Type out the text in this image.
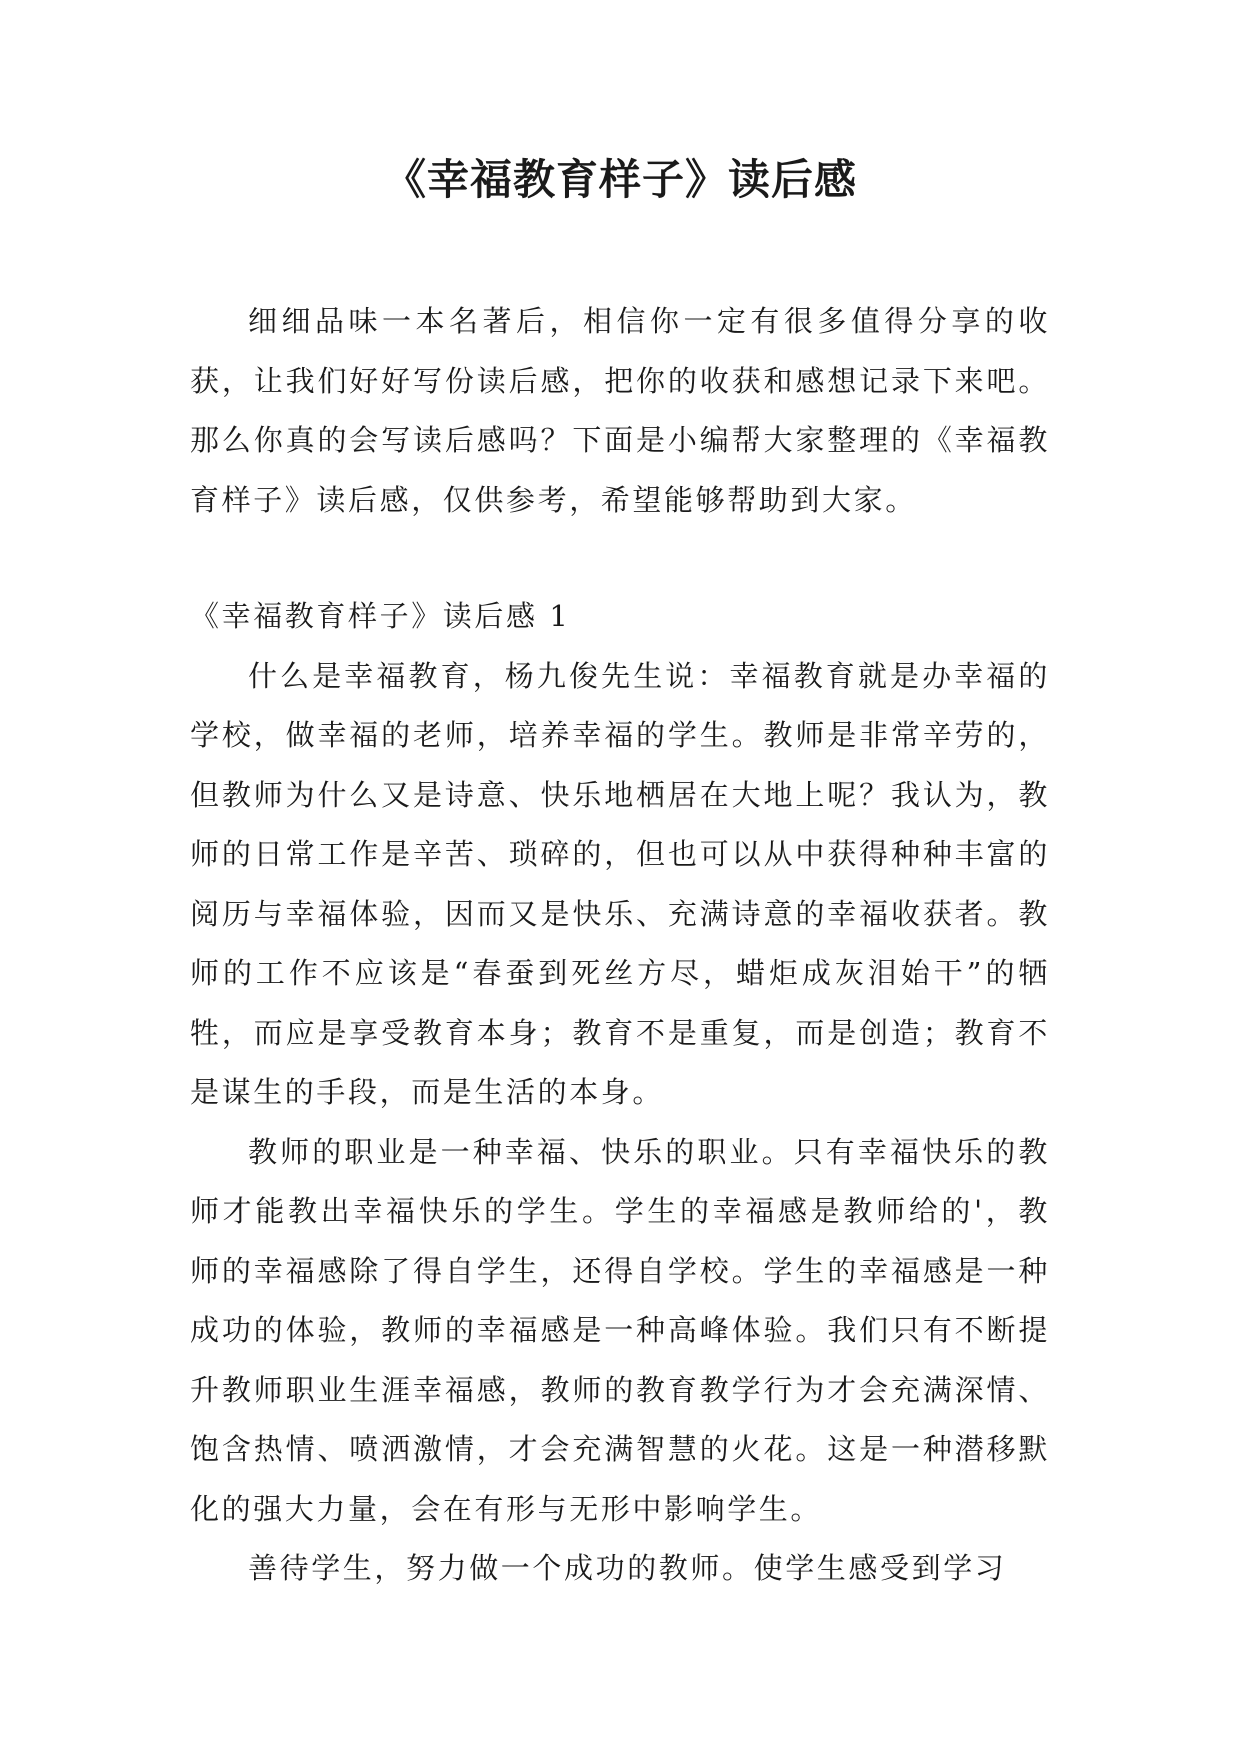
《幸福教育样子》读后感

细细品味一本名著后，相信你一定有很多值得分享的收获，让我们好好写份读后感，把你的收获和感想记录下来吧。那么你真的会写读后感吗？下面是小编帮大家整理的《幸福教育样子》读后感，仅供参考，希望能够帮助到大家。

《幸福教育样子》读后感 1

什么是幸福教育，杨九俊先生说：幸福教育就是办幸福的学校，做幸福的老师，培养幸福的学生。教师是非常辛劳的，但教师为什么又是诗意、快乐地栖居在大地上呢？我认为，教师的日常工作是辛苦、琐碎的，但也可以从中获得种种丰富的阅历与幸福体验，因而又是快乐、充满诗意的幸福收获者。教师的工作不应该是“春蚕到死丝方尽，蜡炬成灰泪始干”的牺牲，而应是享受教育本身；教育不是重复，而是创造；教育不是谋生的手段，而是生活的本身。

教师的职业是一种幸福、快乐的职业。只有幸福快乐的教师才能教出幸福快乐的学生。学生的幸福感是教师给的'，教师的幸福感除了得自学生，还得自学校。学生的幸福感是一种成功的体验，教师的幸福感是一种高峰体验。我们只有不断提升教师职业生涯幸福感，教师的教育教学行为才会充满深情、饱含热情、喷洒激情，才会充满智慧的火花。这是一种潜移默化的强大力量，会在有形与无形中影响学生。

善待学生，努力做一个成功的教师。使学生感受到学习
